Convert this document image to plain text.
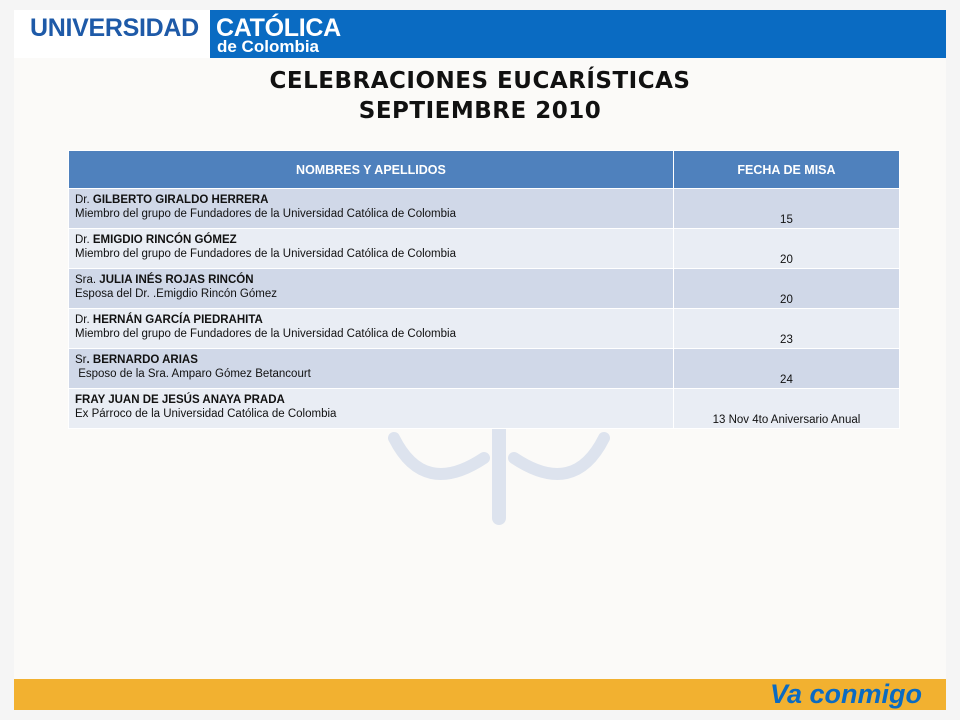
UNIVERSIDAD CATÓLICA
de Colombia
CELEBRACIONES EUCARÍSTICAS
SEPTIEMBRE 2010
NOMBRES Y APELLIDOS	FECHA DE MISA

Dr. GILBERTO GIRALDO HERRERA
Miembro del grupo de Fundadores de la Universidad Católica de Colombia	15

Dr. EMIGDIO RINCÓN GÓMEZ
Miembro del grupo de Fundadores de la Universidad Católica de Colombia	20

Sra. JULIA INÉS ROJAS RINCÓN
Esposa del Dr. .Emigdio Rincón Gómez	20

Dr. HERNÁN GARCÍA PIEDRAHITA
Miembro del grupo de Fundadores de la Universidad Católica de Colombia	23

Sr. BERNARDO ARIAS
Esposo de la Sra. Amparo Gómez Betancourt	24

FRAY JUAN DE JESÚS ANAYA PRADA
Ex Párroco de la Universidad Católica de Colombia	13 Nov 4to Aniversario Anual
Va conmigo
